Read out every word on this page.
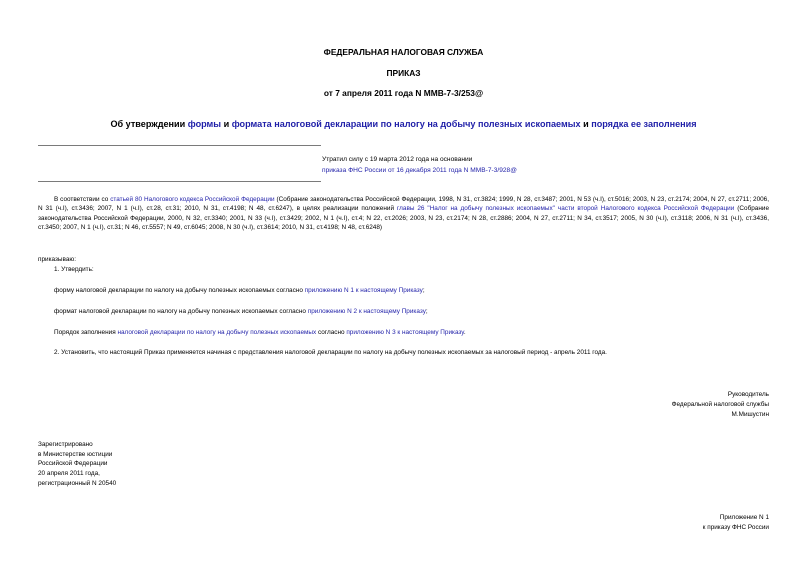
ФЕДЕРАЛЬНАЯ НАЛОГОВАЯ СЛУЖБА
ПРИКАЗ
от 7 апреля 2011 года N ММВ-7-3/253@
Об утверждении формы и формата налоговой декларации по налогу на добычу полезных ископаемых и порядка ее заполнения
Утратил силу с 19 марта 2012 года на основании
приказа ФНС России от 16 декабря 2011 года N ММВ-7-3/928@
В соответствии со статьей 80 Налогового кодекса Российской Федерации (Собрание законодательства Российской Федерации, 1998, N 31, ст.3824; 1999, N 28, ст.3487; 2001, N 53 (ч.I), ст.5016; 2003, N 23, ст.2174; 2004, N 27, ст.2711; 2006, N 31 (ч.I), ст.3436; 2007, N 1 (ч.I), ст.28, ст.31; 2010, N 31, ст.4198; N 48, ст.6247), в целях реализации положений главы 26 "Налог на добычу полезных ископаемых" части второй Налогового кодекса Российской Федерации (Собрание законодательства Российской Федерации, 2000, N 32, ст.3340; 2001, N 33 (ч.I), ст.3429; 2002, N 1 (ч.I), ст.4; N 22, ст.2026; 2003, N 23, ст.2174; N 28, ст.2886; 2004, N 27, ст.2711; N 34, ст.3517; 2005, N 30 (ч.I), ст.3118; 2006, N 31 (ч.I), ст.3436, ст.3450; 2007, N 1 (ч.I), ст.31; N 46, ст.5557; N 49, ст.6045; 2008, N 30 (ч.I), ст.3614; 2010, N 31, ст.4198; N 48, ст.6248)
приказываю:
1. Утвердить:
форму налоговой декларации по налогу на добычу полезных ископаемых согласно приложению N 1 к настоящему Приказу;
формат налоговой декларации по налогу на добычу полезных ископаемых согласно приложению N 2 к настоящему Приказу;
Порядок заполнения налоговой декларации по налогу на добычу полезных ископаемых согласно приложению N 3 к настоящему Приказу.
2. Установить, что настоящий Приказ применяется начиная с представления налоговой декларации по налогу на добычу полезных ископаемых за налоговый период - апрель 2011 года.
Руководитель
Федеральной налоговой службы
М.Мишустин
Зарегистрировано
в Министерстве юстиции
Российской Федерации
20 апреля 2011 года,
регистрационный N 20540
Приложение N 1
к приказу ФНС России
